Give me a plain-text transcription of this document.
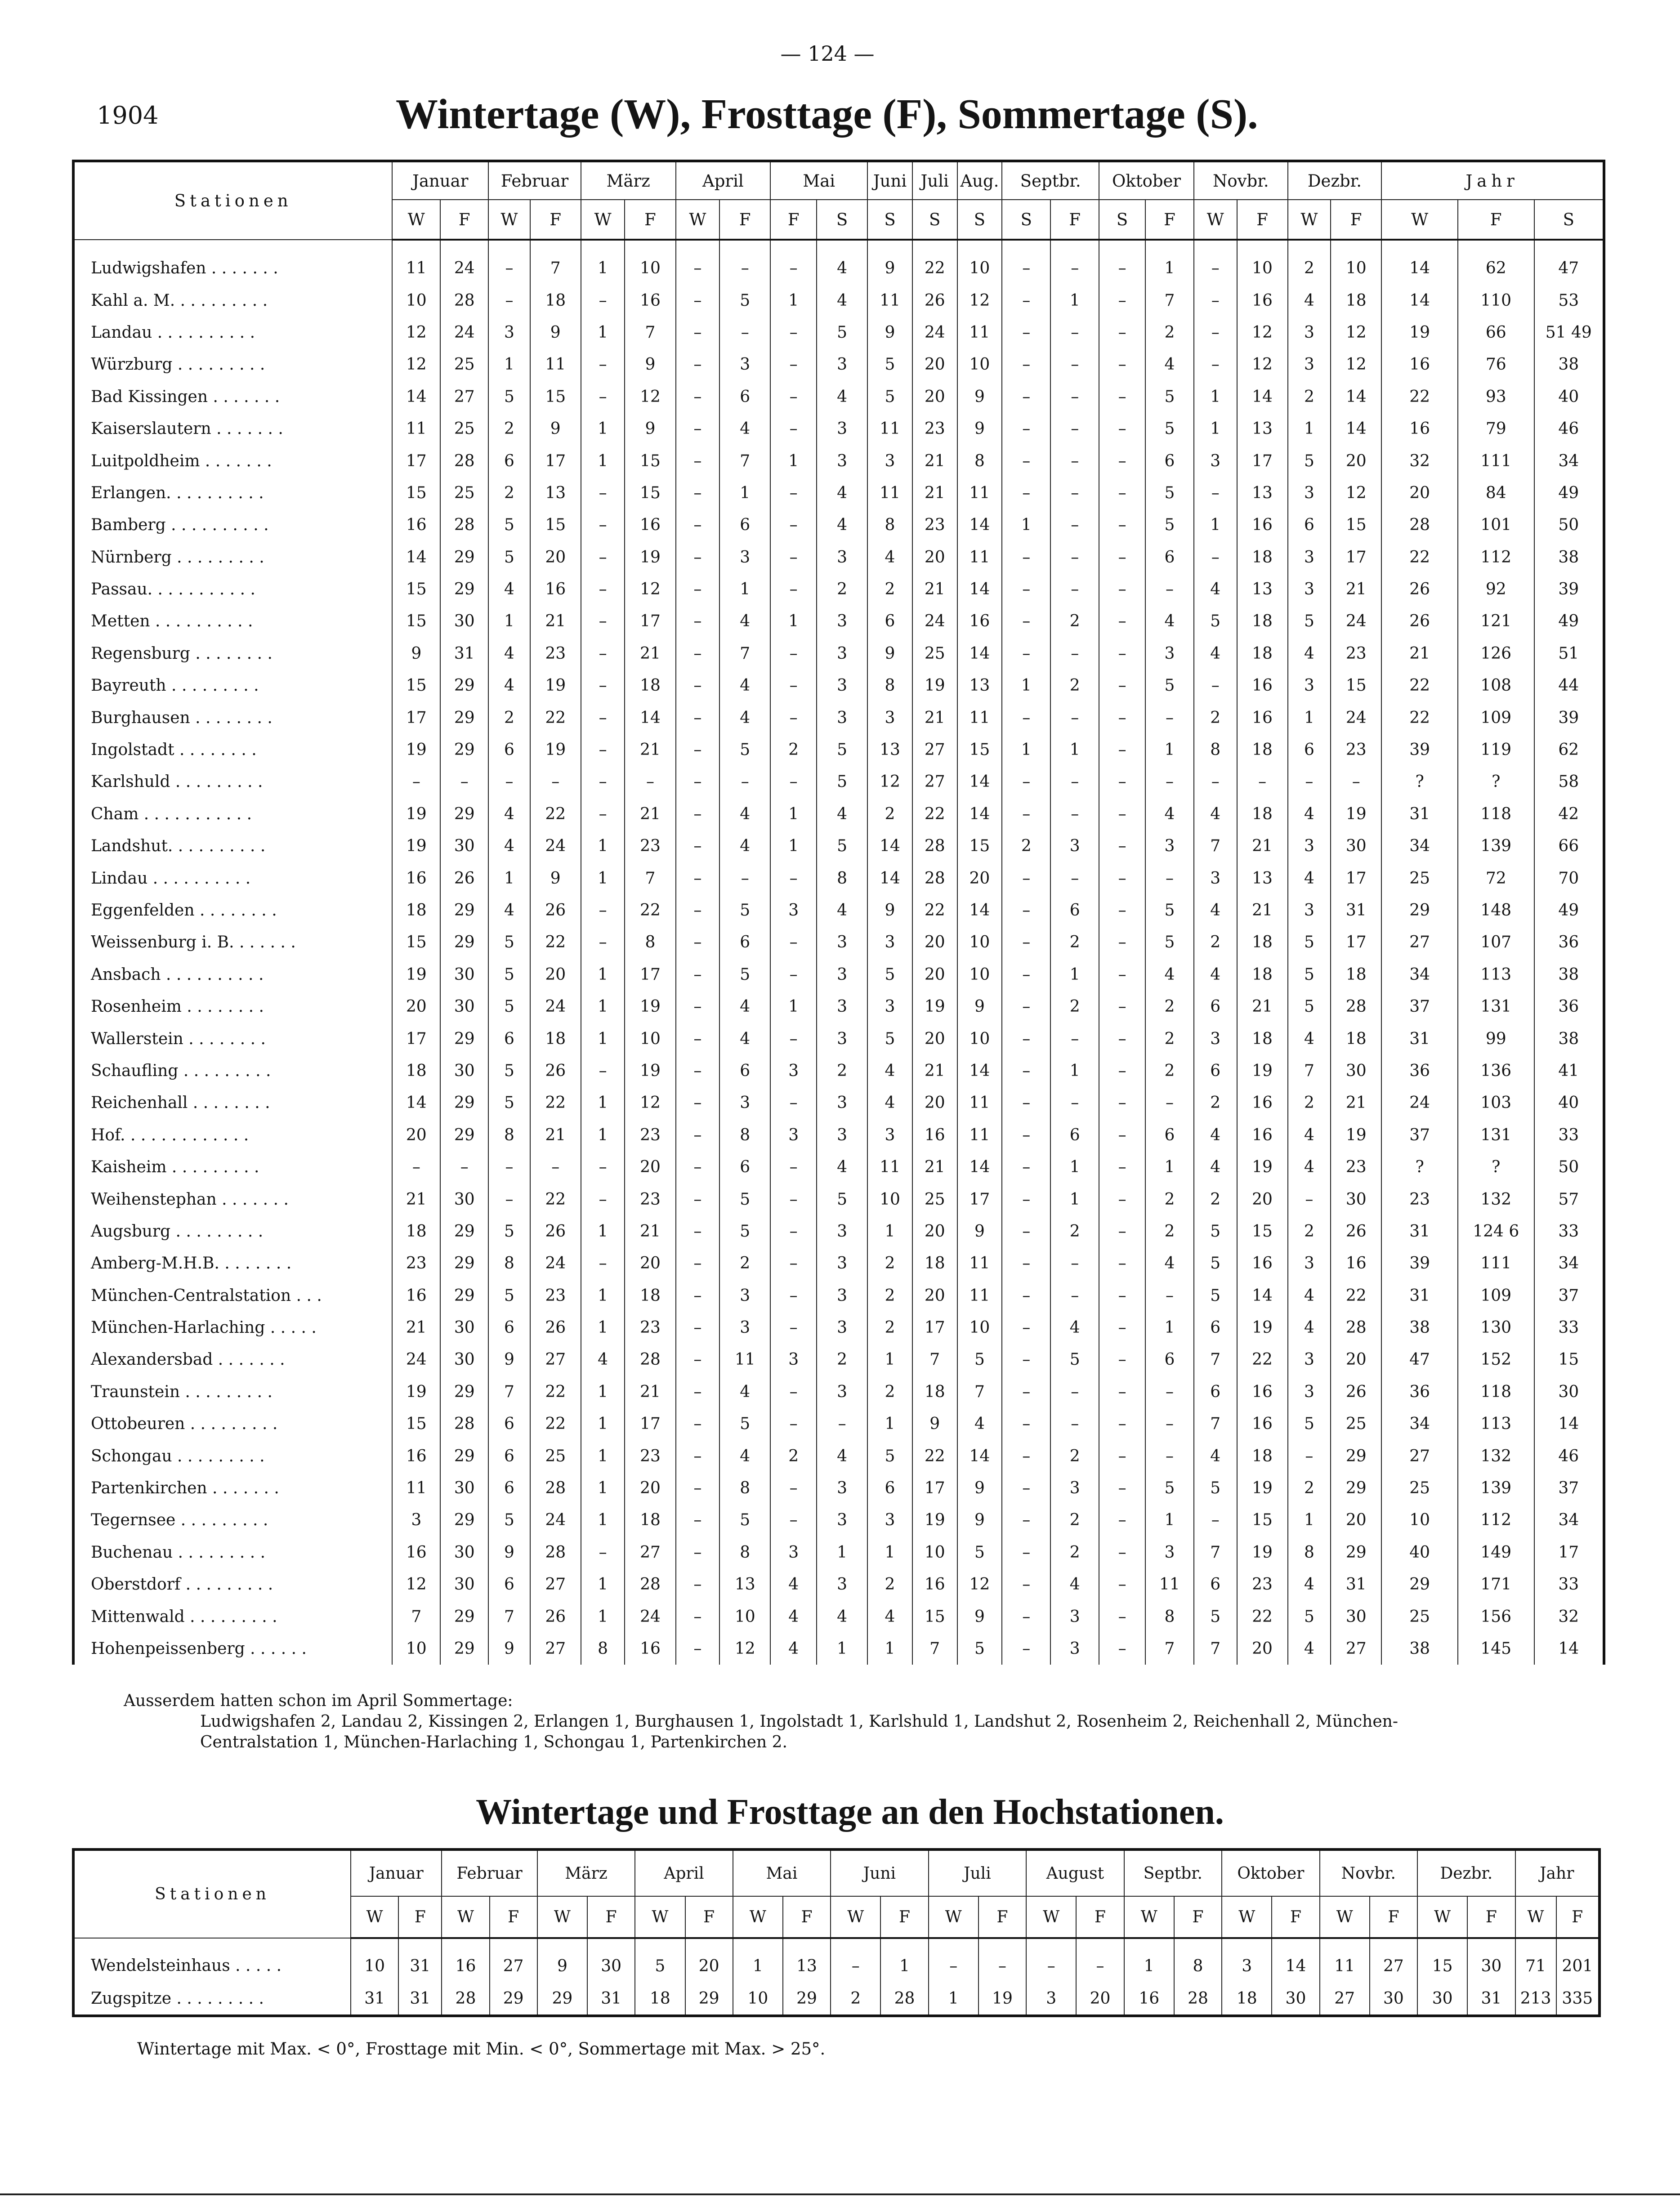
— 124 —
1904	Wintertage (W), Frosttage (F), Sommertage (S).
Stationen	Januar		Februar		März		April		Mai		Juni	Juli	Aug.	Septbr.		Oktober		Novbr.		Dezbr.		Jahr		
	W	F	W	F	W	F	W	F	F	S	S	S	S	S	F	S	F	W	F	W	F	W	F	S
Ludwigshafen . . . . . . .	11	24	–	7	1	10	–	–	–	4	9	22	10	–	–	–	1	–	10	2	10	14	62	47
Kahl a. M. . . . . . . . . .	10	28	–	18	–	16	–	5	1	4	11	26	12	–	1	–	7	–	16	4	18	14	110	53
Landau . . . . . . . . . .	12	24	3	9	1	7	–	–	–	5	9	24	11	–	–	–	2	–	12	3	12	19	66	51 49
Würzburg . . . . . . . . .	12	25	1	11	–	9	–	3	–	3	5	20	10	–	–	–	4	–	12	3	12	16	76	38
Bad Kissingen . . . . . . .	14	27	5	15	–	12	–	6	–	4	5	20	9	–	–	–	5	1	14	2	14	22	93	40
Kaiserslautern . . . . . . .	11	25	2	9	1	9	–	4	–	3	11	23	9	–	–	–	5	1	13	1	14	16	79	46
Luitpoldheim . . . . . . .	17	28	6	17	1	15	–	7	1	3	3	21	8	–	–	–	6	3	17	5	20	32	111	34
Erlangen. . . . . . . . . .	15	25	2	13	–	15	–	1	–	4	11	21	11	–	–	–	5	–	13	3	12	20	84	49
Bamberg . . . . . . . . . .	16	28	5	15	–	16	–	6	–	4	8	23	14	1	–	–	5	1	16	6	15	28	101	50
Nürnberg . . . . . . . . .	14	29	5	20	–	19	–	3	–	3	4	20	11	–	–	–	6	–	18	3	17	22	112	38
Passau. . . . . . . . . . .	15	29	4	16	–	12	–	1	–	2	2	21	14	–	–	–	–	4	13	3	21	26	92	39
Metten . . . . . . . . . .	15	30	1	21	–	17	–	4	1	3	6	24	16	–	2	–	4	5	18	5	24	26	121	49
Regensburg . . . . . . . .	9	31	4	23	–	21	–	7	–	3	9	25	14	–	–	–	3	4	18	4	23	21	126	51
Bayreuth . . . . . . . . .	15	29	4	19	–	18	–	4	–	3	8	19	13	1	2	–	5	–	16	3	15	22	108	44
Burghausen . . . . . . . .	17	29	2	22	–	14	–	4	–	3	3	21	11	–	–	–	–	2	16	1	24	22	109	39
Ingolstadt . . . . . . . .	19	29	6	19	–	21	–	5	2	5	13	27	15	1	1	–	1	8	18	6	23	39	119	62
Karlshuld . . . . . . . . .	–	–	–	–	–	–	–	–	–	5	12	27	14	–	–	–	–	–	–	–	–	?	?	58
Cham . . . . . . . . . . .	19	29	4	22	–	21	–	4	1	4	2	22	14	–	–	–	4	4	18	4	19	31	118	42
Landshut. . . . . . . . . .	19	30	4	24	1	23	–	4	1	5	14	28	15	2	3	–	3	7	21	3	30	34	139	66
Lindau . . . . . . . . . .	16	26	1	9	1	7	–	–	–	8	14	28	20	–	–	–	–	3	13	4	17	25	72	70
Eggenfelden . . . . . . . .	18	29	4	26	–	22	–	5	3	4	9	22	14	–	6	–	5	4	21	3	31	29	148	49
Weissenburg i. B. . . . . . .	15	29	5	22	–	8	–	6	–	3	3	20	10	–	2	–	5	2	18	5	17	27	107	36
Ansbach . . . . . . . . . .	19	30	5	20	1	17	–	5	–	3	5	20	10	–	1	–	4	4	18	5	18	34	113	38
Rosenheim . . . . . . . .	20	30	5	24	1	19	–	4	1	3	3	19	9	–	2	–	2	6	21	5	28	37	131	36
Wallerstein . . . . . . . .	17	29	6	18	1	10	–	4	–	3	5	20	10	–	–	–	2	3	18	4	18	31	99	38
Schaufling . . . . . . . . .	18	30	5	26	–	19	–	6	3	2	4	21	14	–	1	–	2	6	19	7	30	36	136	41
Reichenhall . . . . . . . .	14	29	5	22	1	12	–	3	–	3	4	20	11	–	–	–	–	2	16	2	21	24	103	40
Hof. . . . . . . . . . . . .	20	29	8	21	1	23	–	8	3	3	3	16	11	–	6	–	6	4	16	4	19	37	131	33
Kaisheim . . . . . . . . .	–	–	–	–	–	20	–	6	–	4	11	21	14	–	1	–	1	4	19	4	23	?	?	50
Weihenstephan . . . . . . .	21	30	–	22	–	23	–	5	–	5	10	25	17	–	1	–	2	2	20	–	30	23	132	57
Augsburg . . . . . . . . .	18	29	5	26	1	21	–	5	–	3	1	20	9	–	2	–	2	5	15	2	26	31	124 6	33
Amberg-M.H.B. . . . . . . .	23	29	8	24	–	20	–	2	–	3	2	18	11	–	–	–	4	5	16	3	16	39	111	34
München-Centralstation . . .	16	29	5	23	1	18	–	3	–	3	2	20	11	–	–	–	–	5	14	4	22	31	109	37
München-Harlaching . . . . .	21	30	6	26	1	23	–	3	–	3	2	17	10	–	4	–	1	6	19	4	28	38	130	33
Alexandersbad . . . . . . .	24	30	9	27	4	28	–	11	3	2	1	7	5	–	5	–	6	7	22	3	20	47	152	15
Traunstein . . . . . . . . .	19	29	7	22	1	21	–	4	–	3	2	18	7	–	–	–	–	6	16	3	26	36	118	30
Ottobeuren . . . . . . . . .	15	28	6	22	1	17	–	5	–	–	1	9	4	–	–	–	–	7	16	5	25	34	113	14
Schongau . . . . . . . . .	16	29	6	25	1	23	–	4	2	4	5	22	14	–	2	–	–	4	18	–	29	27	132	46
Partenkirchen . . . . . . .	11	30	6	28	1	20	–	8	–	3	6	17	9	–	3	–	5	5	19	2	29	25	139	37
Tegernsee . . . . . . . . .	3	29	5	24	1	18	–	5	–	3	3	19	9	–	2	–	1	–	15	1	20	10	112	34
Buchenau . . . . . . . . .	16	30	9	28	–	27	–	8	3	1	1	10	5	–	2	–	3	7	19	8	29	40	149	17
Oberstdorf . . . . . . . . .	12	30	6	27	1	28	–	13	4	3	2	16	12	–	4	–	11	6	23	4	31	29	171	33
Mittenwald . . . . . . . . .	7	29	7	26	1	24	–	10	4	4	4	15	9	–	3	–	8	5	22	5	30	25	156	32
Hohenpeissenberg . . . . . .	10	29	9	27	8	16	–	12	4	1	1	7	5	–	3	–	7	7	20	4	27	38	145	14
Ausserdem hatten schon im April Sommertage:
Ludwigshafen 2, Landau 2, Kissingen 2, Erlangen 1, Burghausen 1, Ingolstadt 1, Karlshuld 1, Landshut 2, Rosenheim 2, Reichenhall 2, München-
Centralstation 1, München-Harlaching 1, Schongau 1, Partenkirchen 2.
Wintertage und Frosttage an den Hochstationen.
Stationen	Januar		Februar		März		April		Mai		Juni		Juli		August		Septbr.		Oktober		Novbr.		Dezbr.		Jahr	
	W	F	W	F	W	F	W	F	W	F	W	F	W	F	W	F	W	F	W	F	W	F	W	F	W	F
Wendelsteinhaus . . . . .	10	31	16	27	9	30	5	20	1	13	–	1	–	–	–	–	1	8	3	14	11	27	15	30	71	201
Zugspitze . . . . . . . . .	31	31	28	29	29	31	18	29	10	29	2	28	1	19	3	20	16	28	18	30	27	30	30	31	213	335
Wintertage mit Max. < 0°, Frosttage mit Min. < 0°, Sommertage mit Max. > 25°.
